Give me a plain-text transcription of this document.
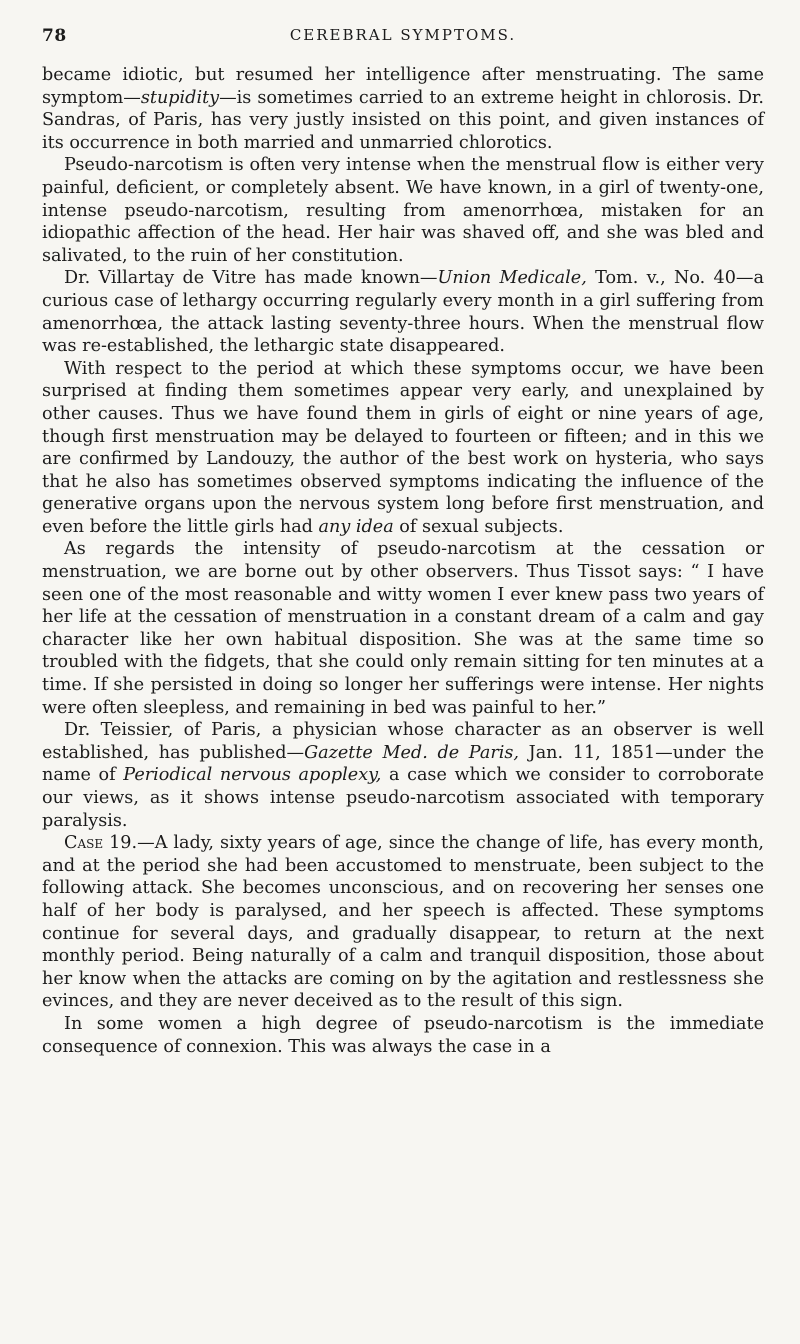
78	CEREBRAL SYMPTOMS.

became idiotic, but resumed her intelligence after menstruating. The same symptom—stupidity—is sometimes carried to an extreme height in chlorosis. Dr. Sandras, of Paris, has very justly insisted on this point, and given instances of its occurrence in both married and unmarried chlorotics.

Pseudo-narcotism is often very intense when the menstrual flow is either very painful, deficient, or completely absent. We have known, in a girl of twenty-one, intense pseudo-narcotism, resulting from amenorrhœa, mistaken for an idiopathic affection of the head. Her hair was shaved off, and she was bled and salivated, to the ruin of her constitution.

Dr. Villartay de Vitre has made known—Union Medicale, Tom. v., No. 40—a curious case of lethargy occurring regularly every month in a girl suffering from amenorrhœa, the attack lasting seventy-three hours. When the menstrual flow was re-established, the lethargic state disappeared.

With respect to the period at which these symptoms occur, we have been surprised at finding them sometimes appear very early, and unexplained by other causes. Thus we have found them in girls of eight or nine years of age, though first menstruation may be delayed to fourteen or fifteen; and in this we are confirmed by Landouzy, the author of the best work on hysteria, who says that he also has sometimes observed symptoms indicating the influence of the generative organs upon the nervous system long before first menstruation, and even before the little girls had any idea of sexual subjects.

As regards the intensity of pseudo-narcotism at the cessation or menstruation, we are borne out by other observers. Thus Tissot says: “ I have seen one of the most reasonable and witty women I ever knew pass two years of her life at the cessation of menstruation in a constant dream of a calm and gay character like her own habitual disposition. She was at the same time so troubled with the fidgets, that she could only remain sitting for ten minutes at a time. If she persisted in doing so longer her sufferings were intense. Her nights were often sleepless, and remaining in bed was painful to her.”

Dr. Teissier, of Paris, a physician whose character as an observer is well established, has published—Gazette Med. de Paris, Jan. 11, 1851—under the name of Periodical nervous apoplexy, a case which we consider to corroborate our views, as it shows intense pseudo-narcotism associated with temporary paralysis.

Case 19.—A lady, sixty years of age, since the change of life, has every month, and at the period she had been accustomed to menstruate, been subject to the following attack. She becomes unconscious, and on recovering her senses one half of her body is paralysed, and her speech is affected. These symptoms continue for several days, and gradually disappear, to return at the next monthly period. Being naturally of a calm and tranquil disposition, those about her know when the attacks are coming on by the agitation and restlessness she evinces, and they are never deceived as to the result of this sign.

In some women a high degree of pseudo-narcotism is the immediate consequence of connexion. This was always the case in a
